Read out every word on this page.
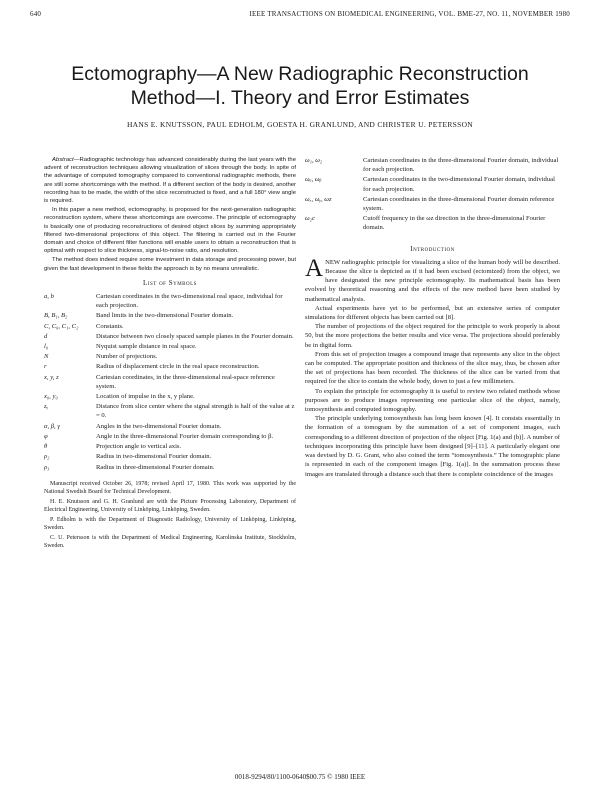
640	IEEE TRANSACTIONS ON BIOMEDICAL ENGINEERING, VOL. BME-27, NO. 11, NOVEMBER 1980
Ectomography—A New Radiographic Reconstruction
Method—I. Theory and Error Estimates
HANS E. KNUTSSON, PAUL EDHOLM, GOESTA H. GRANLUND, AND CHRISTER U. PETERSSON

Abstract—Radiographic technology has advanced considerably during the last years with the advent of reconstruction techniques allowing visualization of slices through the body. In spite of the advantage of computed tomography compared to conventional radiographic methods, there are still some shortcomings with the method. If a different section of the body is desired, another recording has to be made, the width of the slice reconstructed is fixed, and a full 180° view angle is required.

In this paper a new method, ectomography, is proposed for the next-generation radiographic reconstruction system, where these shortcomings are overcome. The principle of ectomography is basically one of producing reconstructions of desired object slices by summing appropriately filtered two-dimensional projections of this object. The filtering is carried out in the Fourier domain and choice of different filter functions will enable users to obtain a reconstruction that is optimal with respect to slice thickness, signal-to-noise ratio, and resolution.

The method does indeed require some investment in data storage and processing power, but given the fast development in these fields the approach is by no means unrealistic.

List of Symbols
a, b	Cartesian coordinates in the two-dimensional real space, individual for each projection.
B, B₁, B₂	Band limits in the two-dimensional Fourier domain.
C, C₀, C₁, C₂	Constants.
d	Distance between two closely spaced sample planes in the Fourier domain.
l₀	Nyquist sample distance in real space.
N	Number of projections.
r	Radius of displacement circle in the real space reconstruction.
x, y, z	Cartesian coordinates, in the three-dimensional real-space reference system.
x₀, y₀	Location of impulse in the x, y plane.
zᵧ	Distance from slice center where the signal strength is half of the value at z = 0.
α, β, γ	Angles in the two-dimensional Fourier domain.
φ	Angle in the three-dimensional Fourier domain corresponding to β.
θ	Projection angle to vertical axis.
ρ₂	Radius in two-dimensional Fourier domain.
ρ₃	Radius in three-dimensional Fourier domain.

Manuscript received October 26, 1978; revised April 17, 1980. This work was supported by the National Swedish Board for Technical Development.

H. E. Knutsson and G. H. Granlund are with the Picture Processing Laboratory, Department of Electrical Engineering, University of Linköping, Linköping, Sweden.

P. Edholm is with the Department of Diagnostic Radiology, University of Linköping, Linköping, Sweden.

C. U. Petersson is with the Department of Medical Engineering, Karolinska Institute, Stockholm, Sweden.

ω₁, ω₂	Cartesian coordinates in the three-dimensional Fourier domain, individual for each projection.
ωₐ, ωᵦ	Cartesian coordinates in the two-dimensional Fourier domain, individual for each projection.
ωₓ, ωᵧ, ωz	Cartesian coordinates in the three-dimensional Fourier domain reference system.
ω₂c	Cutoff frequency in the ωz direction in the three-dimensional Fourier domain.
Introduction

ANEW radiographic principle for visualizing a slice of the human body will be described. Because the slice is depicted as if it had been excised (ectomized) from the object, we have designated the new principle ectomography. Its mathematical basis has been evolved by theoretical reasoning and the effects of the new method have been studied by mathematical analysis.

Actual experiments have yet to be performed, but an extensive series of computer simulations for different objects has been carried out [8].

The number of projections of the object required for the principle to work properly is about 50, but the more projections the better results and vice versa. The projections should preferably be in digital form.

From this set of projection images a compound image that represents any slice in the object can be computed. The appropriate position and thickness of the slice may, thus, be chosen after the set of projections has been recorded. The thickness of the slice can be varied from that required for the slice to contain the whole body, down to just a few millimeters.

To explain the principle for ectomography it is useful to review two related methods whose purposes are to produce images representing one particular slice of the object, namely, tomosynthesis and computed tomography.

The principle underlying tomosynthesis has long been known [4]. It consists essentially in the formation of a tomogram by the summation of a set of component images, each corresponding to a different direction of projection of the object [Fig. 1(a) and (b)]. A number of techniques incorporating this principle have been designed [9]–[11]. A particularly elegant one was devised by D. G. Grant, who also coined the term “tomosynthesis.” The tomographic plane is represented in each of the component images [Fig. 1(a)]. In the summation process these images are translated through a distance such that there is complete coincidence of the images

0018-9294/80/1100-0640$00.75 © 1980 IEEE
